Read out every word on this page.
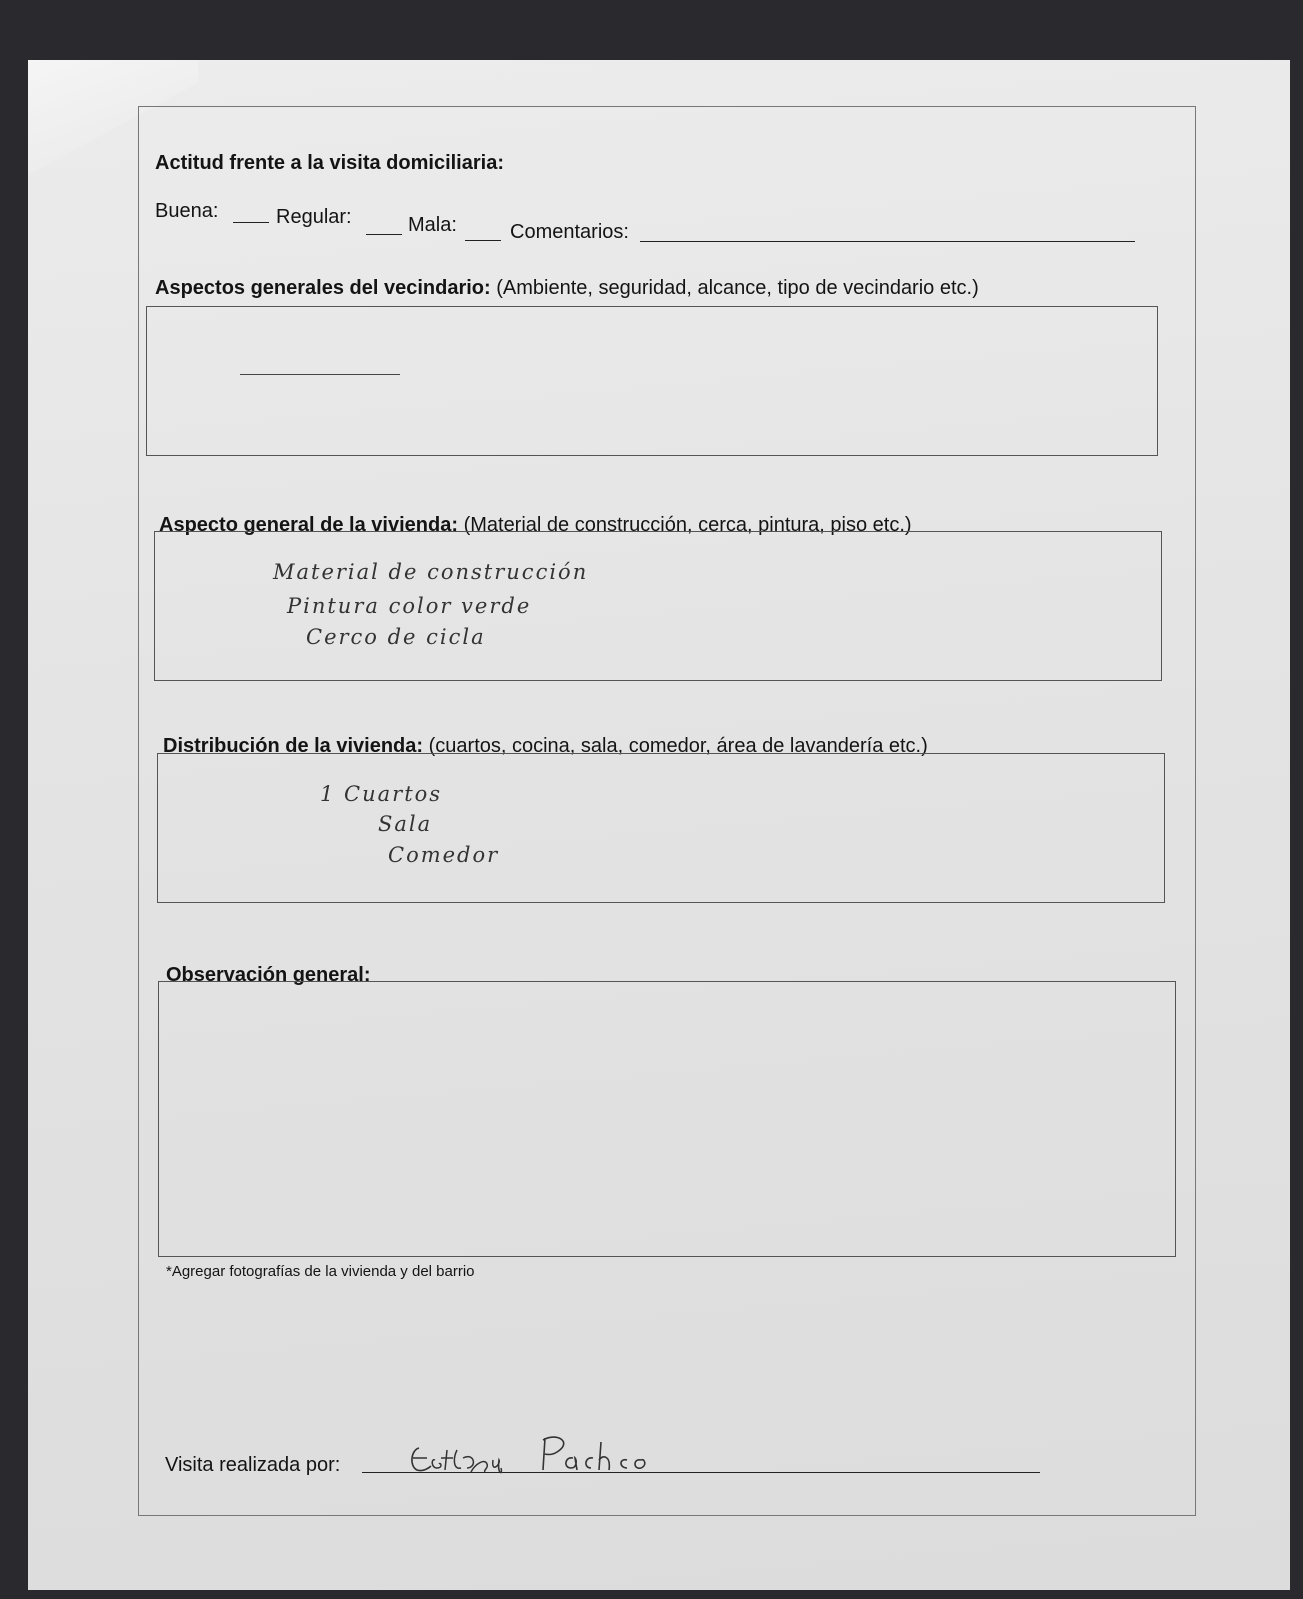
Actitud frente a la visita domiciliaria:
Buena:	Regular:	Mala:	Comentarios:
Aspectos generales del vecindario: (Ambiente, seguridad, alcance, tipo de vecindario etc.)
Aspecto general de la vivienda: (Material de construcción, cerca, pintura, piso etc.)
Material de construcción
Pintura color verde
Cerco de cicla
Distribución de la vivienda: (cuartos, cocina, sala, comedor, área de lavandería etc.)
1 Cuartos
Sala
Comedor
Observación general:
*Agregar fotografías de la vivienda y del barrio
Visita realizada por:
